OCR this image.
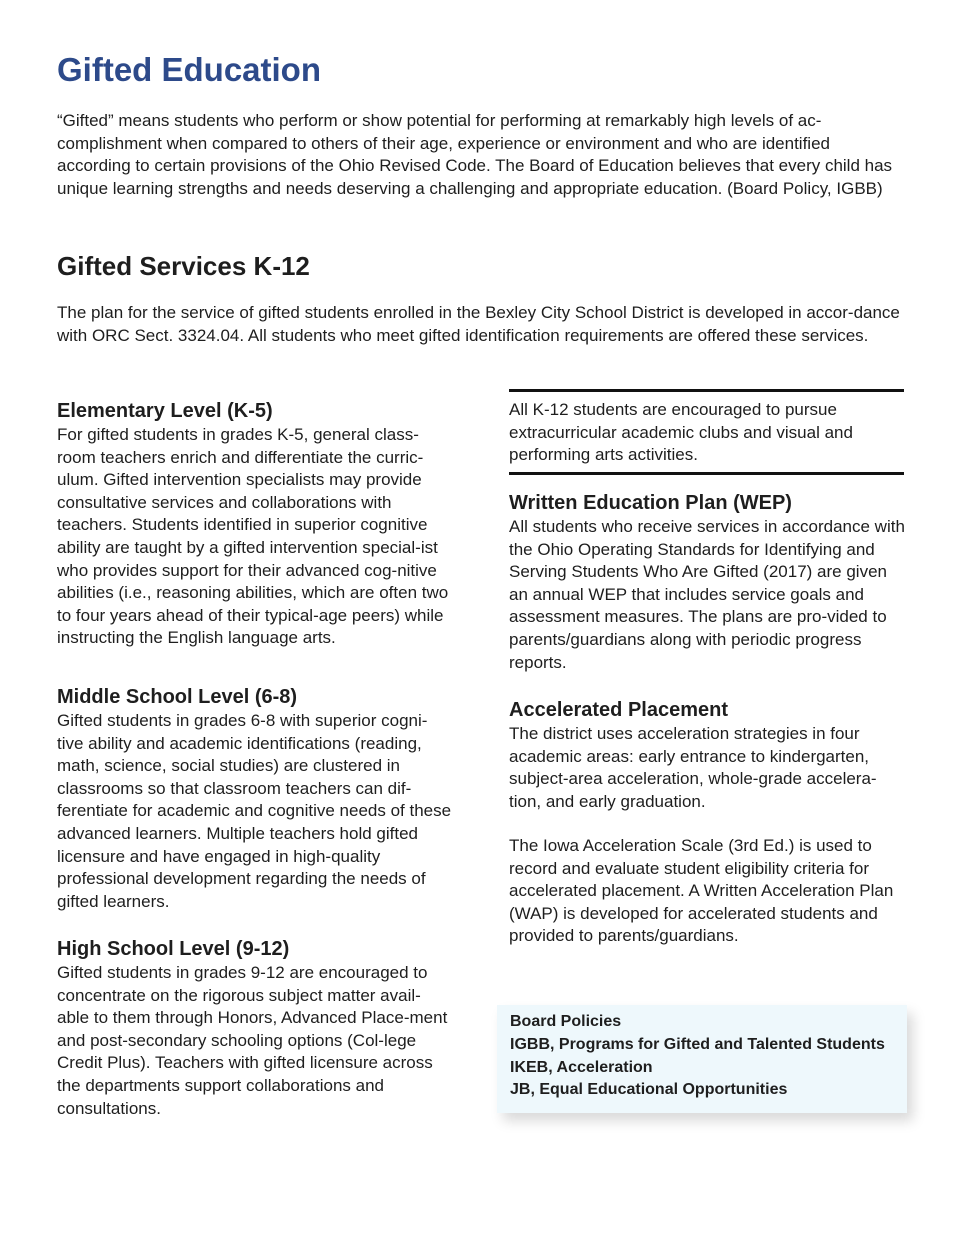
Gifted Education

“Gifted” means students who perform or show potential for performing at remarkably high levels of ac-complishment when compared to others of their age, experience or environment and who are identified according to certain provisions of the Ohio Revised Code. The Board of Education believes that every child has unique learning strengths and needs deserving a challenging and appropriate education. (Board Policy, IGBB)

Gifted Services K-12

The plan for the service of gifted students enrolled in the Bexley City School District is developed in accor-dance with ORC Sect. 3324.04. All students who meet gifted identification requirements are offered these services.

Elementary Level (K-5)

For gifted students in grades K-5, general class-room teachers enrich and differentiate the curric-ulum. Gifted intervention specialists may provide consultative services and collaborations with teachers. Students identified in superior cognitive ability are taught by a gifted intervention special-ist who provides support for their advanced cog-nitive abilities (i.e., reasoning abilities, which are often two to four years ahead of their typical-age peers) while instructing the English language arts.

Middle School Level (6-8)

Gifted students in grades 6-8 with superior cogni-tive ability and academic identifications (reading, math, science, social studies) are clustered in classrooms so that classroom teachers can dif-ferentiate for academic and cognitive needs of these advanced learners. Multiple teachers hold gifted licensure and have engaged in high-quality professional development regarding the needs of gifted learners.

High School Level (9-12)

Gifted students in grades 9-12 are encouraged to concentrate on the rigorous subject matter avail-able to them through Honors, Advanced Place-ment and post-secondary schooling options (Col-lege Credit Plus). Teachers with gifted licensure across the departments support collaborations and consultations.

All K-12 students are encouraged to pursue extracurricular academic clubs and visual and performing arts activities.

Written Education Plan (WEP)

All students who receive services in accordance with the Ohio Operating Standards for Identifying and Serving Students Who Are Gifted (2017) are given an annual WEP that includes service goals and assessment measures. The plans are pro-vided to parents/guardians along with periodic progress reports.

Accelerated Placement

The district uses acceleration strategies in four academic areas: early entrance to kindergarten, subject-area acceleration, whole-grade accelera-tion, and early graduation.

The Iowa Acceleration Scale (3rd Ed.) is used to record and evaluate student eligibility criteria for accelerated placement. A Written Acceleration Plan (WAP) is developed for accelerated students and provided to parents/guardians.

Board Policies

IGBB, Programs for Gifted and Talented Students

IKEB, Acceleration

JB, Equal Educational Opportunities
